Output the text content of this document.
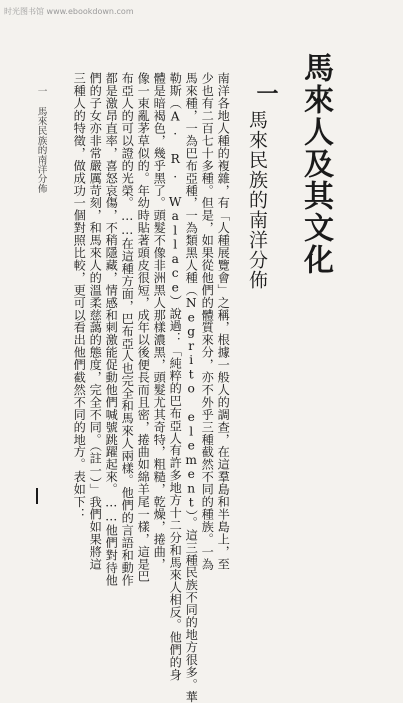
时光图书馆 www.ebookdown.com
馬來人及其文化
一
馬來民族的南洋分佈
南洋各地人種的複雜，有「人種展覽會」之稱，根據一般人的調查，在這羣島和半島上，至
少也有二百七十多種。但是，如果從他們的體質來分，亦不外乎三種截然不同的種族。一為
馬來種，一為巴布亞種，一為類黑人種（Negrito element）。這三種民族不同的地方很多。華
勒斯（A. R. Wallace）說過：「純粹的巴布亞人有許多地方十二分和馬來人相反。他們的身
體是暗褐色，幾乎黑了。頭髮不像非洲黑人那樣濃黑，頭髮尤其奇特，粗糙，乾燥，捲曲，
像一束亂茅草似的。年幼時貼著頭皮很短，成年以後便長而且密，捲曲如綿羊尾一樣，這是巴
布亞人的可以證的光榮。……在這種方面，巴布亞人也完全和馬來人兩樣。他們的言語和動作
都是激昂直率，喜怒哀傷，不稍隱藏，情感和刺激能促動他們喊號跳躍起來。……他們對待他
們的子女亦非常嚴厲苛刻，和馬來人的溫柔慈藹的態度，完全不同。（註一）」我們如果將這
三種人的特徵，做成功一個對照比較，更可以看出他們截然不同的地方。表如下：
一 馬來民族的南洋分佈
